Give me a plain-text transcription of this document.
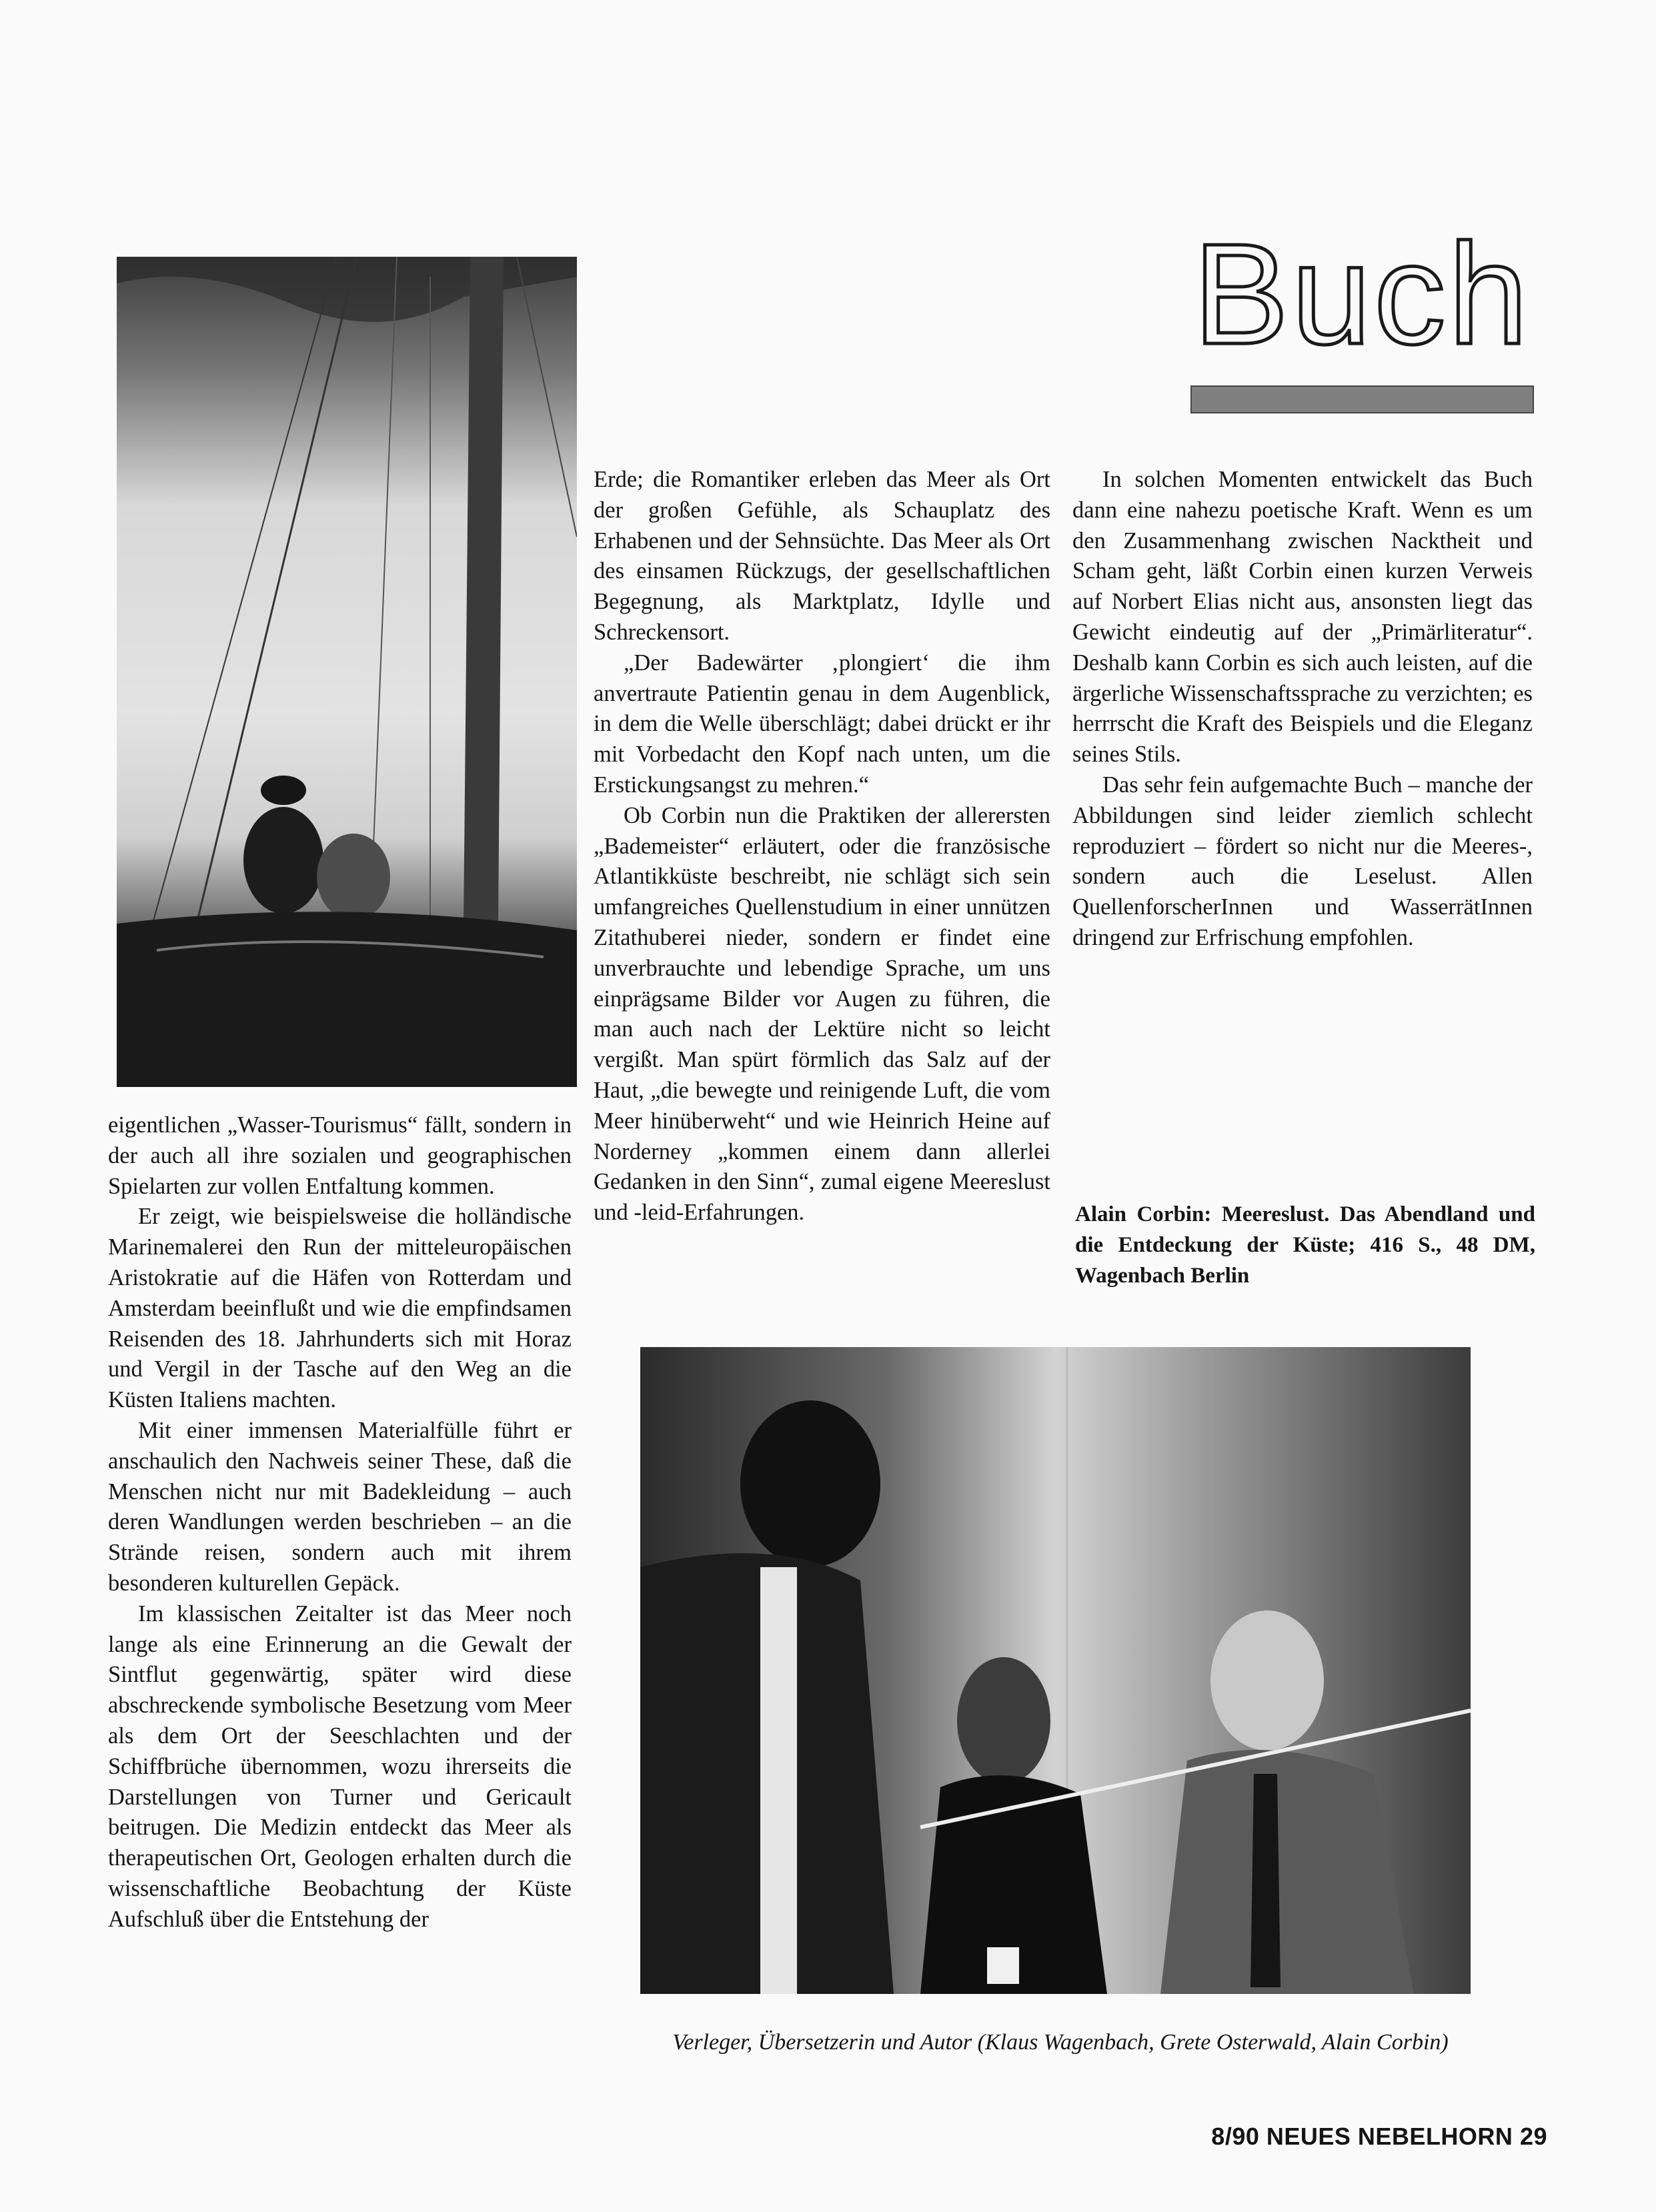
Buch

eigentlichen „Wasser-Tourismus“ fällt, sondern in der auch all ihre sozialen und geographischen Spielarten zur vollen Entfaltung kommen.

Er zeigt, wie beispielsweise die holländische Marinemalerei den Run der mitteleuropäischen Aristokratie auf die Häfen von Rotterdam und Amsterdam beeinflußt und wie die empfindsamen Reisenden des 18. Jahrhunderts sich mit Horaz und Vergil in der Tasche auf den Weg an die Küsten Italiens machten.

Mit einer immensen Materialfülle führt er anschaulich den Nachweis seiner These, daß die Menschen nicht nur mit Badekleidung – auch deren Wandlungen werden beschrieben – an die Strände reisen, sondern auch mit ihrem besonderen kulturellen Gepäck.

Im klassischen Zeitalter ist das Meer noch lange als eine Erinnerung an die Gewalt der Sintflut gegenwärtig, später wird diese abschreckende symbolische Besetzung vom Meer als dem Ort der Seeschlachten und der Schiffbrüche übernommen, wozu ihrerseits die Darstellungen von Turner und Gericault beitrugen. Die Medizin entdeckt das Meer als therapeutischen Ort, Geologen erhalten durch die wissenschaftliche Beobachtung der Küste Aufschluß über die Entstehung der

Erde; die Romantiker erleben das Meer als Ort der großen Gefühle, als Schauplatz des Erhabenen und der Sehnsüchte. Das Meer als Ort des einsamen Rückzugs, der gesellschaftlichen Begegnung, als Marktplatz, Idylle und Schreckensort.

„Der Badewärter ‚plongiert‘ die ihm anvertraute Patientin genau in dem Augenblick, in dem die Welle überschlägt; dabei drückt er ihr mit Vorbedacht den Kopf nach unten, um die Erstickungsangst zu mehren.“

Ob Corbin nun die Praktiken der allerersten „Bademeister“ erläutert, oder die französische Atlantikküste beschreibt, nie schlägt sich sein umfangreiches Quellenstudium in einer unnützen Zitathuberei nieder, sondern er findet eine unverbrauchte und lebendige Sprache, um uns einprägsame Bilder vor Augen zu führen, die man auch nach der Lektüre nicht so leicht vergißt. Man spürt förmlich das Salz auf der Haut, „die bewegte und reinigende Luft, die vom Meer hinüberweht“ und wie Heinrich Heine auf Norderney „kommen einem dann allerlei Gedanken in den Sinn“, zumal eigene Meereslust und -leid-Erfahrungen.

In solchen Momenten entwickelt das Buch dann eine nahezu poetische Kraft. Wenn es um den Zusammenhang zwischen Nacktheit und Scham geht, läßt Corbin einen kurzen Verweis auf Norbert Elias nicht aus, ansonsten liegt das Gewicht eindeutig auf der „Primärliteratur“. Deshalb kann Corbin es sich auch leisten, auf die ärgerliche Wissenschaftssprache zu verzichten; es herrrscht die Kraft des Beispiels und die Eleganz seines Stils.

Das sehr fein aufgemachte Buch – manche der Abbildungen sind leider ziemlich schlecht reproduziert – fördert so nicht nur die Meeres-, sondern auch die Leselust. Allen QuellenforscherInnen und WasserrätInnen dringend zur Erfrischung empfohlen.

Alain Corbin: Meereslust. Das Abendland und die Entdeckung der Küste; 416 S., 48 DM, Wagenbach Berlin
Verleger, Übersetzerin und Autor (Klaus Wagenbach, Grete Osterwald, Alain Corbin)
8/90 NEUES NEBELHORN 29
